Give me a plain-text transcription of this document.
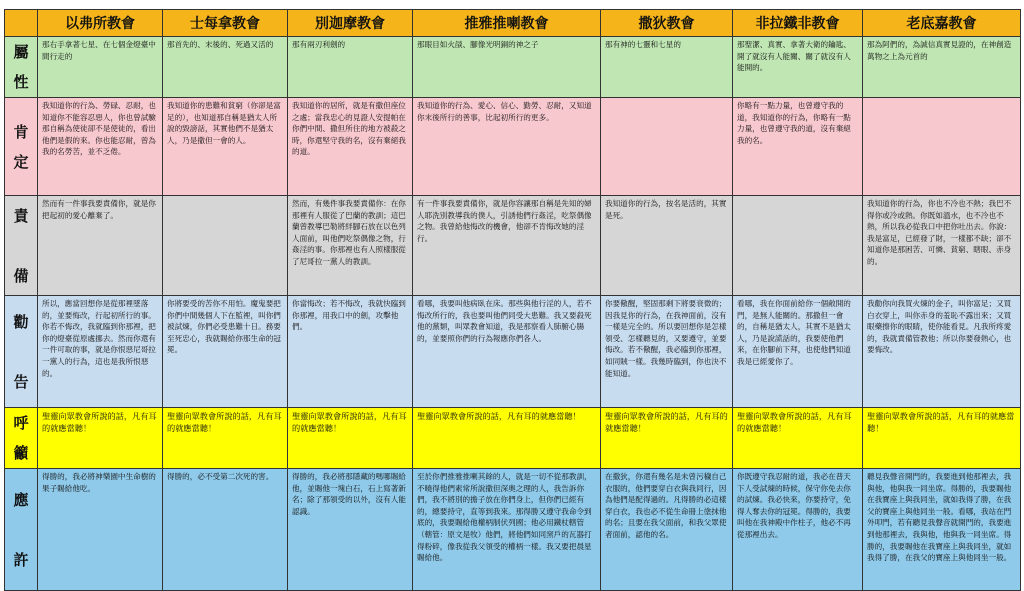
	以弗所教會	士每拿教會	別迦摩教會	推雅推喇教會	撒狄教會	非拉鐵非教會	老底嘉教會
屬
性	那右手拿著七星、在七個金燈臺中間行走的	那首先的、末後的、死過又活的	那有兩刃利劍的	那眼目如火燄、腳像光明銅的神之子	那有神的七靈和七星的	那聖潔、真實、拿著大衛的鑰匙、開了就沒有人能關、關了就沒有人能開的。	那為阿們的，為誠信真實見證的，在神創造萬物之上為元首的
肯
定	我知道你的行為、勞碌、忍耐，也知道你不能容忍惡人，你也曾試驗那自稱為使徒卻不是使徒的，看出他們是假的來。你也能忍耐，曾為我的名勞苦，並不乏倦。	我知道你的患難和貧窮（你卻是富足的），也知道那自稱是猶太人所說的毀謗話，其實他們不是猶太人，乃是撒但一會的人。	我知道你的居所，就是有撒但座位之處；當我忠心的見證人安提帕在你們中間、撒但所住的地方被殺之時，你還堅守我的名，沒有棄絕我的道。	我知道你的行為、愛心、信心、勤勞、忍耐，又知道你末後所行的善事，比起初所行的更多。		你略有一點力量，也曾遵守我的道，我知道你的行為，你略有一點力量，也曾遵守我的道，沒有棄絕我的名。	
責

備	然而有一件事我要責備你，就是你把起初的愛心離棄了。		然而，有幾件事我要責備你：在你那裡有人服從了巴蘭的教訓；這巴蘭曾教導巴勒將絆腳石放在以色列人面前，叫他們吃祭偶像之物，行姦淫的事。你那裡也有人照樣服從了尼哥拉一黨人的教訓。	有一件事我要責備你，就是你容讓那自稱是先知的婦人耶洗別教導我的僕人，引誘他們行姦淫，吃祭偶像之物。我曾給他悔改的機會，他卻不肯悔改她的淫行。	我知道你的行為，按名是活的，其實是死。		我知道你的行為，你也不冷也不熱；我巴不得你或冷或熱。你既如溫水，也不冷也不熱，所以我必從我口中把你吐出去。你說：我是富足，已經發了財，一樣都不缺；卻不知道你是那困苦、可憐、貧窮、瞎眼、赤身的。
勸

告	所以，應當回想你是從那裡墜落的，並要悔改，行起初所行的事。你若不悔改，我就臨到你那裡，把你的燈臺從原處挪去。然而你還有一件可取的事，就是你恨惡尼哥拉一黨人的行為，這也是我所恨惡的。	你將要受的苦你不用怕。魔鬼要把你們中間幾個人下在監裡，叫你們被試煉，你們必受患難十日。務要 至死忠心，我就賜給你那生命的冠冕。	你當悔改；若不悔改，我就快臨到你那裡，用我口中的劍，攻擊他們。	看哪，我要叫他病臥在床。那些與他行淫的人，若不悔改所行的，我也要叫他們同受大患難。我又要殺死他的黨類，叫眾教會知道，我是那察看人肺腑心腸的，並要照你們的行為報應你們各人。	你要儆醒，堅固那剩下將要衰微的；因我見你的行為，在我神面前，沒有一樣是完全的。所以要回想你是怎樣領受、怎樣聽見的，又要遵守，並要悔改。若不儆醒，我必臨到你那裡，如同賊一樣。我幾時臨到，你也決不能知道。	看哪，我在你面前給你一個敞開的門，是無人能關的。那撒但一會的，自稱是猶太人，其實不是猶太人，乃是說謊話的，我要使他們來，在你腳前下拜，也使他們知道我是已經愛你了。	我勸你向我買火煉的金子，叫你富足；又買白衣穿上，叫你赤身的羞恥不露出來；又買眼藥擦你的眼睛，使你能看見。凡我所疼愛的，我就責備管教他；所以你要發熱心，也要悔改。
呼
籲	聖靈向眾教會所說的話，凡有耳的就應當聽！	聖靈向眾教會所說的話，凡有耳的就應當聽！	聖靈向眾教會所說的話，凡有耳的就應當聽！	聖靈向眾教會所說的話，凡有耳的就應當聽！	聖靈向眾教會所說的話，凡有耳的就應當聽！	聖靈向眾教會所說的話，凡有耳的就應當聽！	聖靈向眾教會所說的話，凡有耳的就應當聽！
應

許	得勝的，我必將神樂園中生命樹的果子賜給他吃。	得勝的，必不受第二次死的害。	得勝的，我必將那隱藏的嗎哪賜給他，並賜他一塊白石，石上寫著新名；除了那領受的以外，沒有人能認識。	至於你們推雅推喇其餘的人，就是一切不從那教訓，不曉得他們素常所說撒但深奧之理的人，我告訴你們，我不將別的擔子放在你們身上，但你們已經有的，總要持守，直等到我來。那得勝又遵守我命令到底的，我要賜給他權柄制伏列國；他必用鐵杖轄管（轄管：原文是牧）他們，將他們如同窯戶的瓦器打得粉碎，像我從我父領受的權柄一樣。我又要把晨星賜給他。	在撒狄，你還有幾名是未曾污穢自己衣服的，他們要穿白衣與我同行，因為他們是配得過的。凡得勝的必這樣穿白衣，我也必不從生命冊上塗抹他的名；且要在我父面前，和我父眾使者面前，認他的名。	你既遵守我忍耐的道，我必在普天下人受試煉的時候，保守你免去你的試煉。我必快來，你要持守，免得人奪去你的冠冕。得勝的，我要叫他在我神殿中作柱子，他必不再從那裡出去。	聽見我聲音開門的，我要進到他那裡去，我與他，他與我一同坐席。得勝的，我要賜他在我寶座上與我同坐，就如我得了勝，在我父的寶座上與他同坐一般。看哪，我站在門外叩門，若有聽見我聲音就開門的，我要進到他那裡去，我與他，他與我一同坐席。得勝的，我要賜他在我寶座上與我同坐，就如我得了勝，在我父的寶座上與他同坐一般。
